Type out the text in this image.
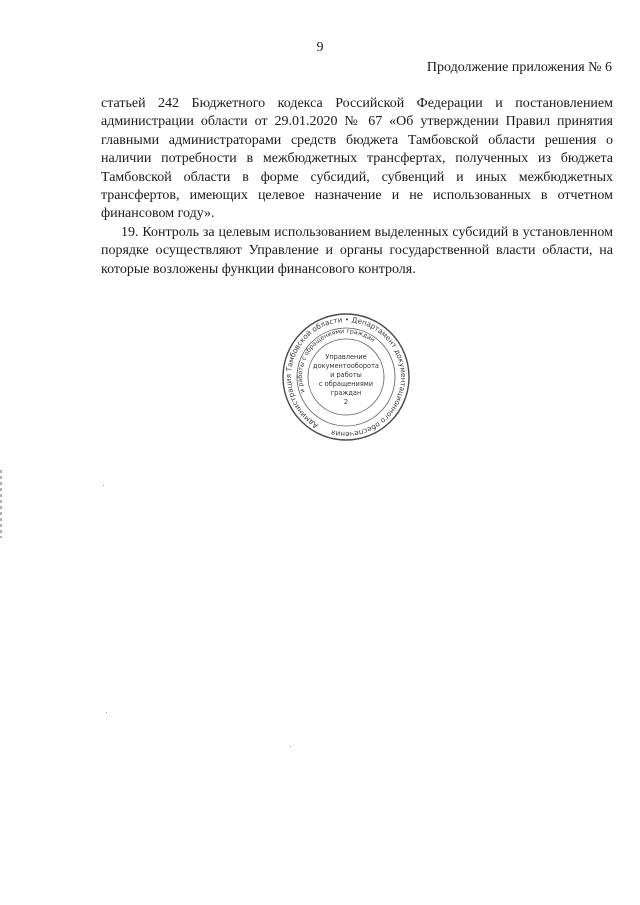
9
Продолжение приложения № 6

статьей 242 Бюджетного кодекса Российской Федерации и постановлением администрации области от 29.01.2020 № 67 «Об утверждении Правил принятия главными администраторами средств бюджета Тамбовской области решения о наличии потребности в межбюджетных трансфертах, полученных из бюджета Тамбовской области в форме субсидий, субвенций и иных межбюджетных трансфертов, имеющих целевое назначение и не использованных в отчетном финансовом году».

19. Контроль за целевым использованием выделенных субсидий в установленном порядке осуществляют Управление и органы государственной власти области, на которые возложены функции финансового контроля.

Администрация Тамбовской области • Департамент документационного обеспечения
и работы с обращениями граждан
Управление
документооборота
и работы
с обращениями
граждан
2
